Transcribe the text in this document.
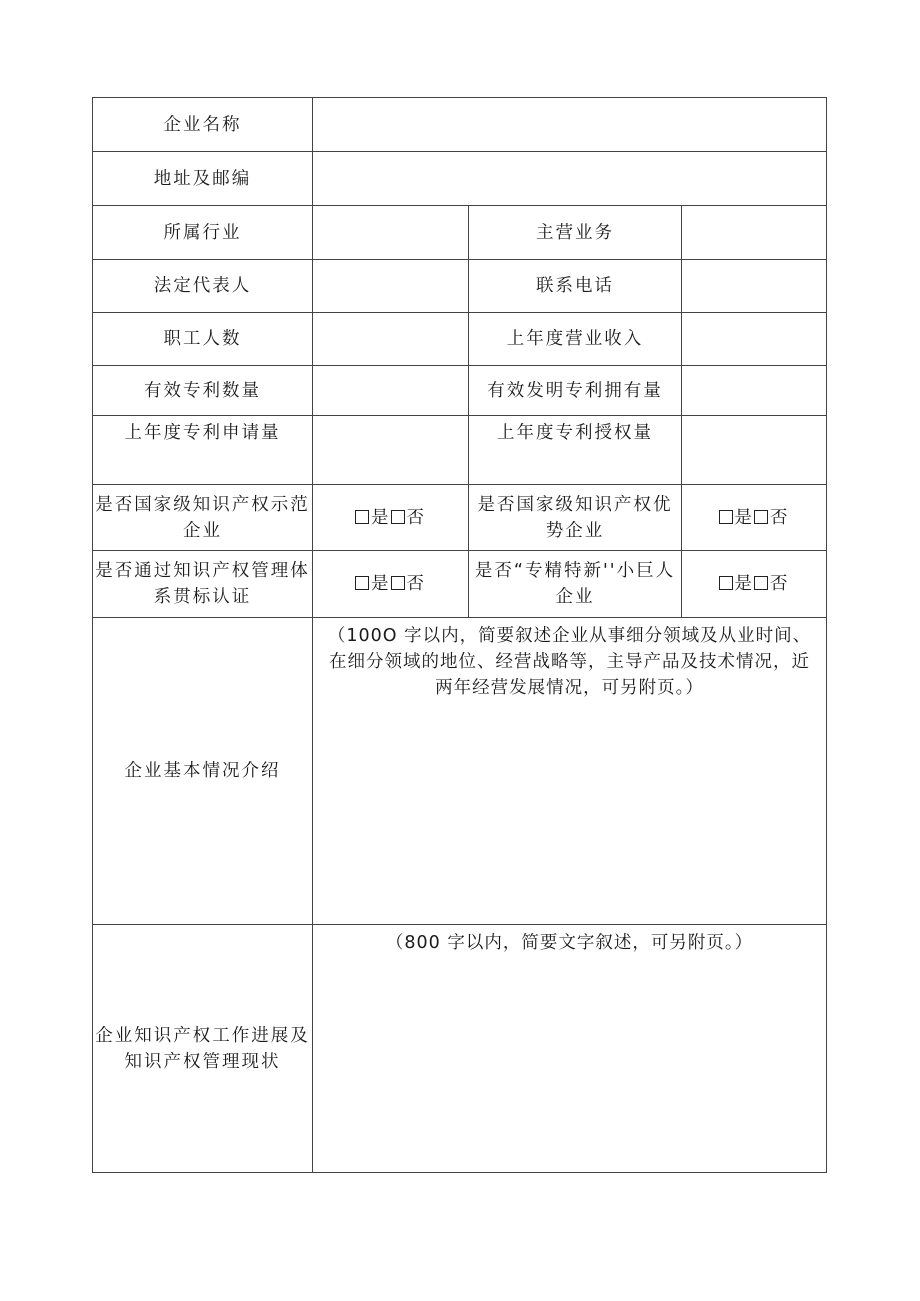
企业名称			
地址及邮编			
所属行业		主营业务	
法定代表人		联系电话	
职工人数		上年度营业收入	
有效专利数量		有效发明专利拥有量	
上年度专利申请量		上年度专利授权量	
是否国家级知识产权示范企业	是 否	是否国家级知识产权优势企业	是 否
是否通过知识产权管理体系贯标认证	是 否	是否“专精特新''小巨人企业	是 否
企业基本情况介绍	（100O 字以内，简要叙述企业从事细分领域及从业时间、在细分领域的地位、经营战略等，主导产品及技术情况，近两年经营发展情况，可另附页。）		

企业知识产权工作进展及知识产权管理现状	（800 字以内，简要文字叙述，可另附页。）		
